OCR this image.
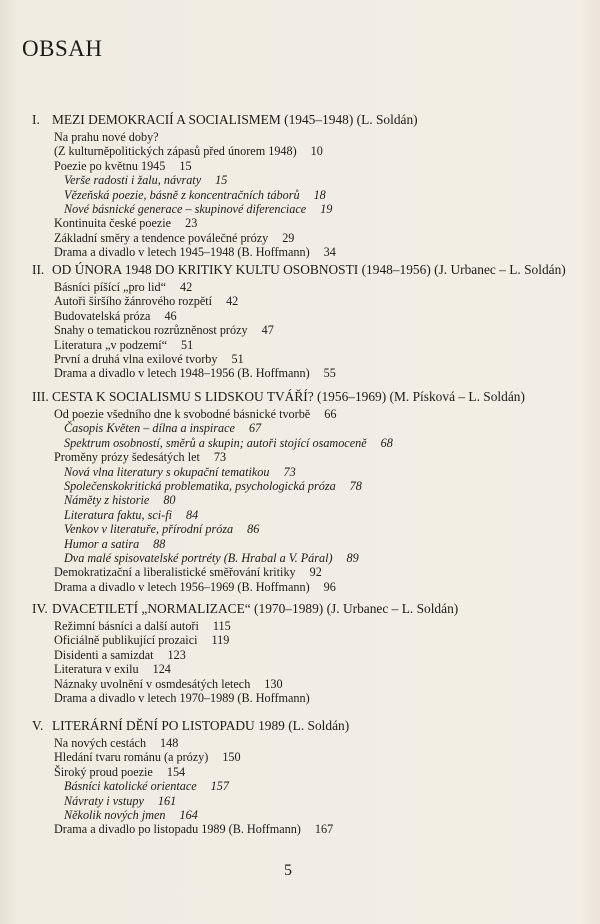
OBSAH
I. MEZI DEMOKRACIÍ A SOCIALISMEM (1945–1948) (L. Soldán)
Na prahu nové doby?
(Z kulturněpolitických zápasů před únorem 1948) 10
Poezie po květnu 1945 15
Verše radosti i žalu, návraty 15
Vězeňská poezie, básně z koncentračních táborů 18
Nové básnické generace – skupinové diferenciace 19
Kontinuita české poezie 23
Základní směry a tendence poválečné prózy 29
Drama a divadlo v letech 1945–1948 (B. Hoffmann) 34
II. OD ÚNORA 1948 DO KRITIKY KULTU OSOBNOSTI (1948–1956) (J. Urbanec – L. Soldán)
Básníci píšící „pro lid“ 42
Autoři širšího žánrového rozpětí 42
Budovatelská próza 46
Snahy o tematickou rozrůzněnost prózy 47
Literatura „v podzemí“ 51
První a druhá vlna exilové tvorby 51
Drama a divadlo v letech 1948–1956 (B. Hoffmann) 55
III. CESTA K SOCIALISMU S LIDSKOU TVÁŘÍ? (1956–1969) (M. Písková – L. Soldán)
Od poezie všedního dne k svobodné básnické tvorbě 66
Časopis Květen – dílna a inspirace 67
Spektrum osobností, směrů a skupin; autoři stojící osamoceně 68
Proměny prózy šedesátých let 73
Nová vlna literatury s okupační tematikou 73
Společenskokritická problematika, psychologická próza 78
Náměty z historie 80
Literatura faktu, sci-fi 84
Venkov v literatuře, přírodní próza 86
Humor a satira 88
Dva malé spisovatelské portréty (B. Hrabal a V. Páral) 89
Demokratizační a liberalistické směřování kritiky 92
Drama a divadlo v letech 1956–1969 (B. Hoffmann) 96
IV. DVACETILETÍ „NORMALIZACE“ (1970–1989) (J. Urbanec – L. Soldán)
Režimní básníci a další autoři 115
Oficiálně publikující prozaici 119
Disidenti a samizdat 123
Literatura v exilu 124
Náznaky uvolnění v osmdesátých letech 130
Drama a divadlo v letech 1970–1989 (B. Hoffmann)
V. LITERÁRNÍ DĚNÍ PO LISTOPADU 1989 (L. Soldán)
Na nových cestách 148
Hledání tvaru románu (a prózy) 150
Široký proud poezie 154
Básníci katolické orientace 157
Návraty i vstupy 161
Několik nových jmen 164
Drama a divadlo po listopadu 1989 (B. Hoffmann) 167
5
